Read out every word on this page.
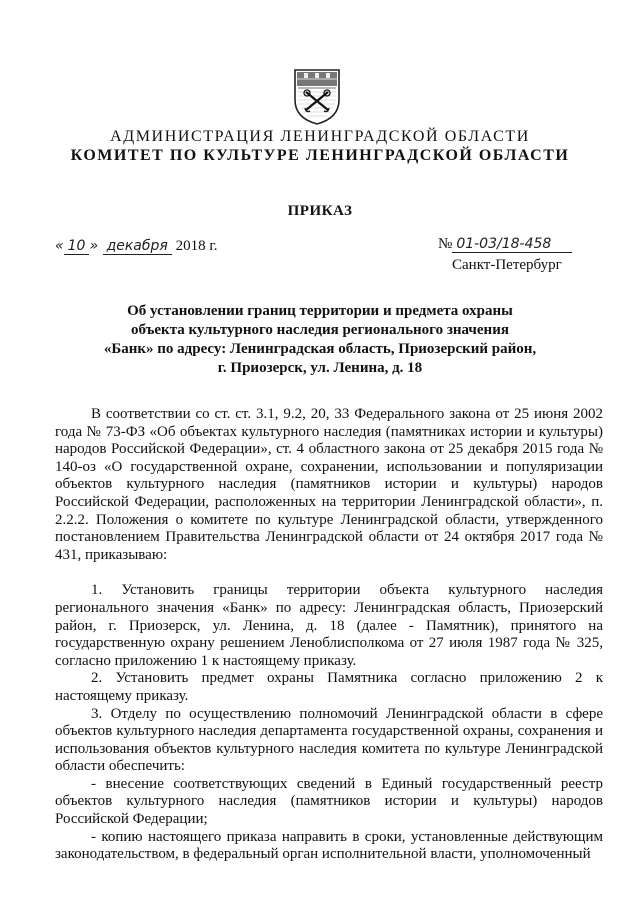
АДМИНИСТРАЦИЯ ЛЕНИНГРАДСКОЙ ОБЛАСТИ
КОМИТЕТ ПО КУЛЬТУРЕ ЛЕНИНГРАДСКОЙ ОБЛАСТИ
ПРИКАЗ
« 10 » декабря 2018 г.	№ 01-03/18-458
Санкт-Петербург
Об установлении границ территории и предмета охраны
объекта культурного наследия регионального значения
«Банк» по адресу: Ленинградская область, Приозерский район,
г. Приозерск, ул. Ленина, д. 18

В соответствии со ст. ст. 3.1, 9.2, 20, 33 Федерального закона от 25 июня 2002 года № 73-ФЗ «Об объектах культурного наследия (памятниках истории и культуры) народов Российской Федерации», ст. 4 областного закона от 25 декабря 2015 года № 140-оз «О государственной охране, сохранении, использовании и популяризации объектов культурного наследия (памятников истории и культуры) народов Российской Федерации, расположенных на территории Ленинградской области», п. 2.2.2. Положения о комитете по культуре Ленинградской области, утвержденного постановлением Правительства Ленинградской области от 24 октября 2017 года № 431, приказываю:

1. Установить границы территории объекта культурного наследия регионального значения «Банк» по адресу: Ленинградская область, Приозерский район, г. Приозерск, ул. Ленина, д. 18 (далее - Памятник), принятого на государственную охрану решением Леноблисполкома от 27 июля 1987 года № 325, согласно приложению 1 к настоящему приказу.

2. Установить предмет охраны Памятника согласно приложению 2 к настоящему приказу.

3. Отделу по осуществлению полномочий Ленинградской области в сфере объектов культурного наследия департамента государственной охраны, сохранения и использования объектов культурного наследия комитета по культуре Ленинградской области обеспечить:

- внесение соответствующих сведений в Единый государственный реестр объектов культурного наследия (памятников истории и культуры) народов Российской Федерации;

- копию настоящего приказа направить в сроки, установленные действующим законодательством, в федеральный орган исполнительной власти, уполномоченный
